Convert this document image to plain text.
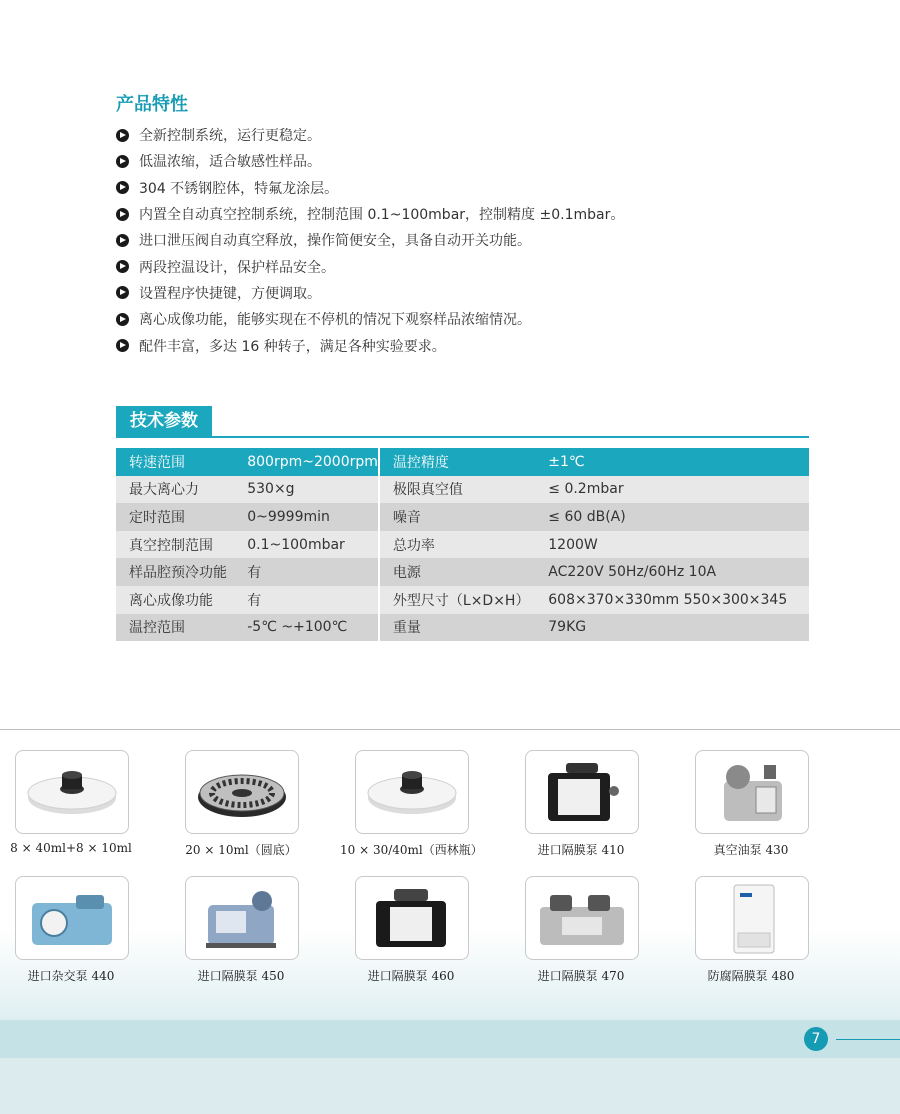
产品特性
全新控制系统，运行更稳定。
低温浓缩，适合敏感性样品。
304 不锈钢腔体，特氟龙涂层。
内置全自动真空控制系统，控制范围 0.1~100mbar，控制精度 ±0.1mbar。
进口泄压阀自动真空释放，操作简便安全，具备自动开关功能。
两段控温设计，保护样品安全。
设置程序快捷键，方便调取。
离心成像功能，能够实现在不停机的情况下观察样品浓缩情况。
配件丰富，多达 16 种转子，满足各种实验要求。
技术参数
转速范围	800rpm~2000rpm	温控精度	±1℃
最大离心力	530×g	极限真空值	≤ 0.2mbar
定时范围	0~9999min	噪音	≤ 60 dB(A)
真空控制范围	0.1~100mbar	总功率	1200W
样品腔预冷功能	有	电源	AC220V 50Hz/60Hz 10A
离心成像功能	有	外型尺寸（L×D×H）	608×370×330mm 550×300×345
温控范围	-5℃ ~+100℃	重量	79KG
8 × 40ml+8 × 10ml	20 × 10ml（圆底）	10 × 30/40ml（西林瓶）	进口隔膜泵 410	真空油泵 430
进口杂交泵 440	进口隔膜泵 450	进口隔膜泵 460	进口隔膜泵 470	防腐隔膜泵 480
7
